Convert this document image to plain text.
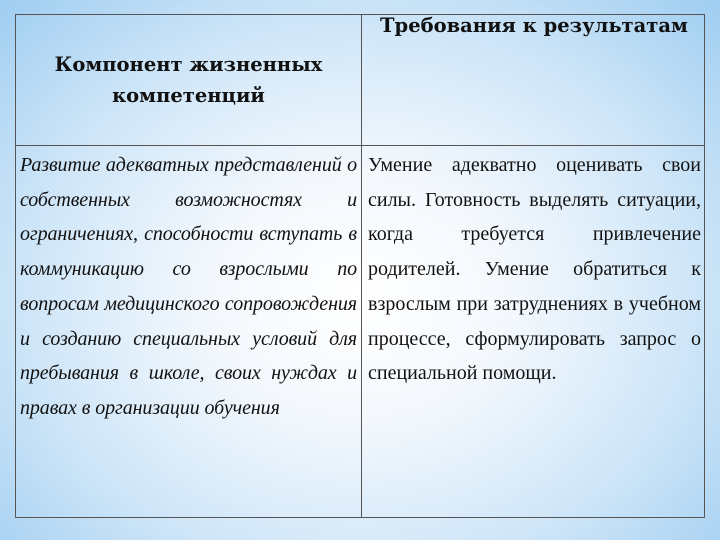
Компонент жизненных компетенций
Требования к результатам
Развитие адекватных представлений о собственных возможностях и ограничениях, способности вступать в коммуникацию со взрослыми по вопросам медицинского сопровождения и созданию специальных условий для пребывания в школе, своих нуждах и правах в организации обучения
Умение адекватно оценивать свои силы. Готовность выделять ситуации, когда требуется привлечение родителей. Умение обратиться к взрослым при затруднениях в учебном процессе, сформулировать запрос о специальной помощи.
